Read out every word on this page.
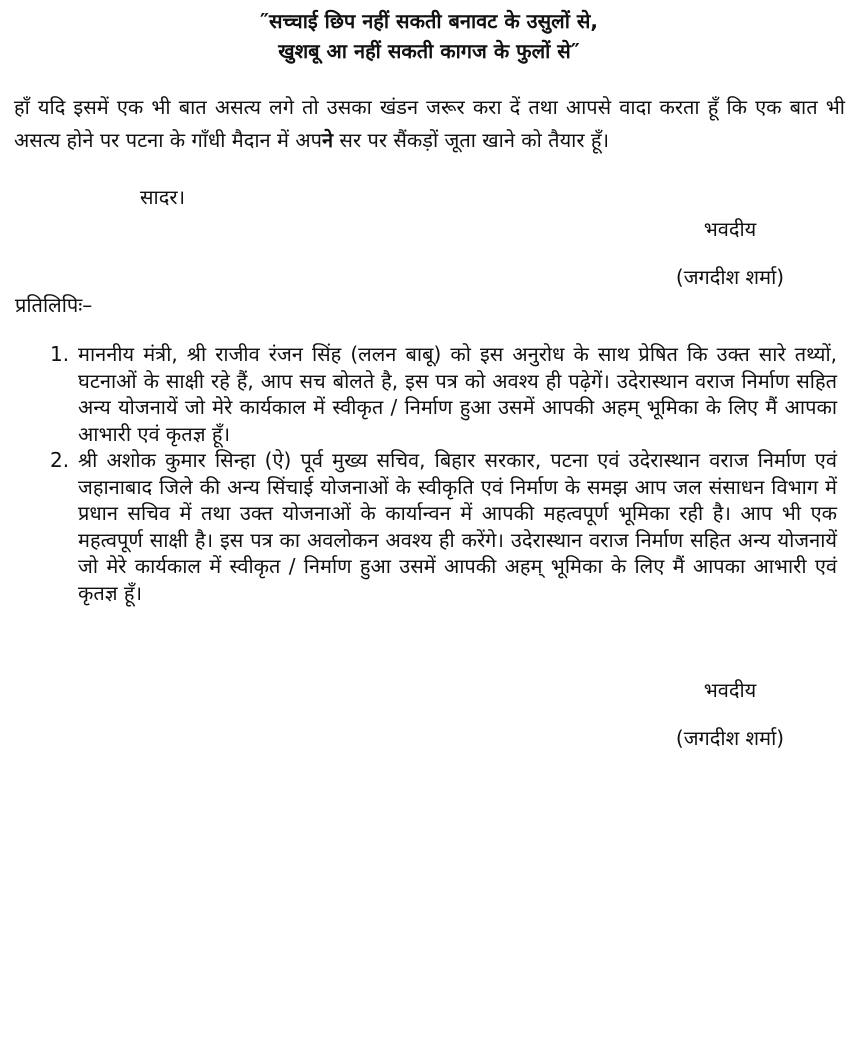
″सच्चाई छिप नहीं सकती बनावट के उसुलों से,
खुशबू आ नहीं सकती कागज के फुलों से″
हाँ यदि इसमें एक भी बात असत्य लगे तो उसका खंडन जरूर करा दें तथा आपसे वादा करता हूँ कि एक बात भी असत्य होने पर पटना के गाँधी मैदान में अपने सर पर सैंकड़ों जूता खाने को तैयार हूँ।
सादर।
भवदीय
(जगदीश शर्मा)
प्रतिलिपिः–
1. माननीय मंत्री, श्री राजीव रंजन सिंह (ललन बाबू) को इस अनुरोध के साथ प्रेषित कि उक्त सारे तथ्यों, घटनाओं के साक्षी रहे हैं, आप सच बोलते है, इस पत्र को अवश्य ही पढ़ेगें। उदेरास्थान वराज निर्माण सहित अन्य योजनायें जो मेरे कार्यकाल में स्वीकृत / निर्माण हुआ उसमें आपकी अहम् भूमिका के लिए मैं आपका आभारी एवं कृतज्ञ हूँ।
2. श्री अशोक कुमार सिन्हा (ऐ) पूर्व मुख्य सचिव, बिहार सरकार, पटना एवं उदेरास्थान वराज निर्माण एवं जहानाबाद जिले की अन्य सिंचाई योजनाओं के स्वीकृति एवं निर्माण के समझ आप जल संसाधन विभाग में प्रधान सचिव में तथा उक्त योजनाओं के कार्यान्वन में आपकी महत्वपूर्ण भूमिका रही है। आप भी एक महत्वपूर्ण साक्षी है। इस पत्र का अवलोकन अवश्य ही करेंगे। उदेरास्थान वराज निर्माण सहित अन्य योजनायें जो मेरे कार्यकाल में स्वीकृत / निर्माण हुआ उसमें आपकी अहम् भूमिका के लिए मैं आपका आभारी एवं कृतज्ञ हूँ।
भवदीय
(जगदीश शर्मा)
